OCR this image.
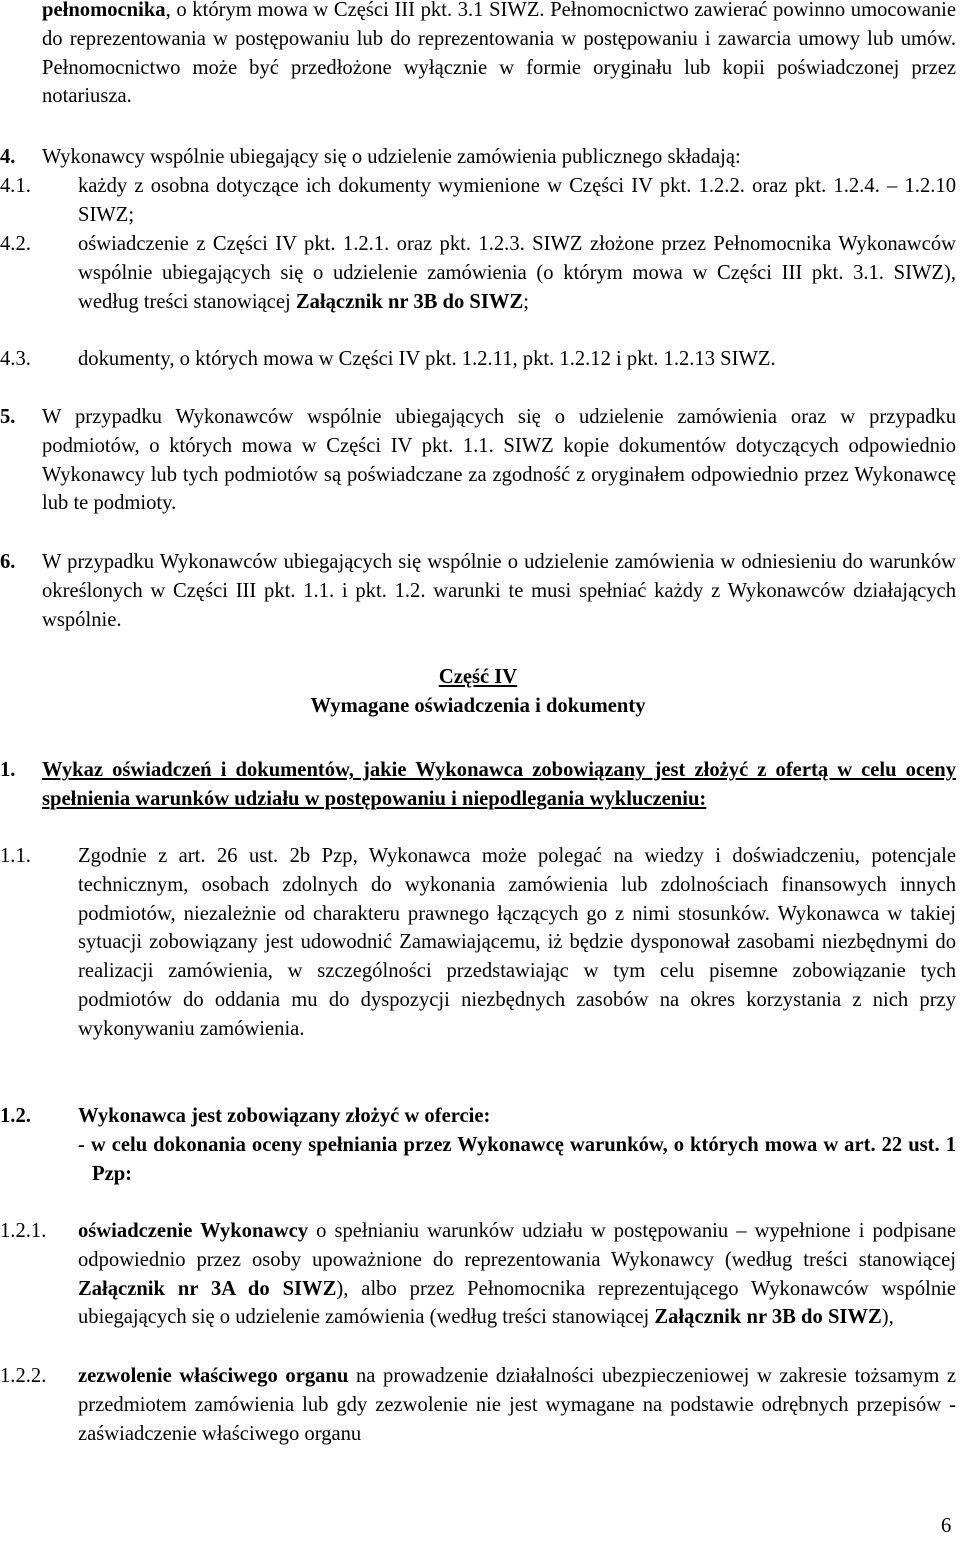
pełnomocnika, o którym mowa w Części III pkt. 3.1 SIWZ. Pełnomocnictwo zawierać powinno umocowanie do reprezentowania w postępowaniu lub do reprezentowania w postępowaniu i zawarcia umowy lub umów. Pełnomocnictwo może być przedłożone wyłącznie w formie oryginału lub kopii poświadczonej przez notariusza.
4. Wykonawcy wspólnie ubiegający się o udzielenie zamówienia publicznego składają:
4.1. każdy z osobna dotyczące ich dokumenty wymienione w Części IV pkt. 1.2.2. oraz pkt. 1.2.4. – 1.2.10 SIWZ;
4.2. oświadczenie z Części IV pkt. 1.2.1. oraz pkt. 1.2.3. SIWZ złożone przez Pełnomocnika Wykonawców wspólnie ubiegających się o udzielenie zamówienia (o którym mowa w Części III pkt. 3.1. SIWZ), według treści stanowiącej Załącznik nr 3B do SIWZ;
4.3. dokumenty, o których mowa w Części IV pkt. 1.2.11, pkt. 1.2.12 i pkt. 1.2.13 SIWZ.
5. W przypadku Wykonawców wspólnie ubiegających się o udzielenie zamówienia oraz w przypadku podmiotów, o których mowa w Części IV pkt. 1.1. SIWZ kopie dokumentów dotyczących odpowiednio Wykonawcy lub tych podmiotów są poświadczane za zgodność z oryginałem odpowiednio przez Wykonawcę lub te podmioty.
6. W przypadku Wykonawców ubiegających się wspólnie o udzielenie zamówienia w odniesieniu do warunków określonych w Części III pkt. 1.1. i pkt. 1.2. warunki te musi spełniać każdy z Wykonawców działających wspólnie.
Część IV
Wymagane oświadczenia i dokumenty
1. Wykaz oświadczeń i dokumentów, jakie Wykonawca zobowiązany jest złożyć z ofertą w celu oceny spełnienia warunków udziału w postępowaniu i niepodlegania wykluczeniu:
1.1. Zgodnie z art. 26 ust. 2b Pzp, Wykonawca może polegać na wiedzy i doświadczeniu, potencjale technicznym, osobach zdolnych do wykonania zamówienia lub zdolnościach finansowych innych podmiotów, niezależnie od charakteru prawnego łączących go z nimi stosunków. Wykonawca w takiej sytuacji zobowiązany jest udowodnić Zamawiającemu, iż będzie dysponował zasobami niezbędnymi do realizacji zamówienia, w szczególności przedstawiając w tym celu pisemne zobowiązanie tych podmiotów do oddania mu do dyspozycji niezbędnych zasobów na okres korzystania z nich przy wykonywaniu zamówienia.
1.2. Wykonawca jest zobowiązany złożyć w ofercie:
- w celu dokonania oceny spełniania przez Wykonawcę warunków, o których mowa w art. 22 ust. 1 Pzp:
1.2.1. oświadczenie Wykonawcy o spełnianiu warunków udziału w postępowaniu – wypełnione i podpisane odpowiednio przez osoby upoważnione do reprezentowania Wykonawcy (według treści stanowiącej Załącznik nr 3A do SIWZ), albo przez Pełnomocnika reprezentującego Wykonawców wspólnie ubiegających się o udzielenie zamówienia (według treści stanowiącej Załącznik nr 3B do SIWZ),
1.2.2. zezwolenie właściwego organu na prowadzenie działalności ubezpieczeniowej w zakresie tożsamym z przedmiotem zamówienia lub gdy zezwolenie nie jest wymagane na podstawie odrębnych przepisów - zaświadczenie właściwego organu
6
